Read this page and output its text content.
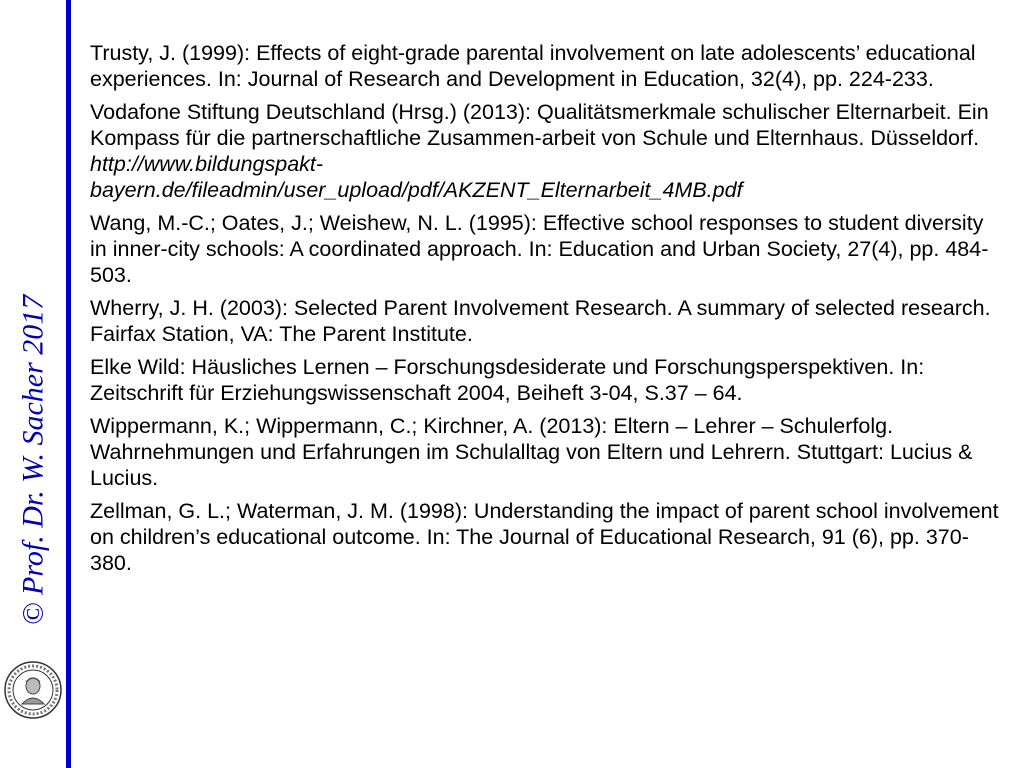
© Prof. Dr. W. Sacher 2017
Trusty, J. (1999): Effects of eight-grade parental involvement on late adolescents’ educational experiences. In: Journal of Research and Development in Education, 32(4), pp. 224-233.
Vodafone Stiftung Deutschland (Hrsg.) (2013): Qualitätsmerkmale schulischer Elternarbeit. Ein Kompass für die partnerschaftliche Zusammen-arbeit von Schule und Elternhaus. Düsseldorf.
http://www.bildungspakt-
bayern.de/fileadmin/user_upload/pdf/AKZENT_Elternarbeit_4MB.pdf
Wang, M.-C.; Oates, J.; Weishew, N. L. (1995): Effective school responses to student diversity in inner-city schools: A coordinated approach. In: Education and Urban Society, 27(4), pp. 484-503.
Wherry, J. H. (2003): Selected Parent Involvement Research. A summary of selected research. Fairfax Station, VA: The Parent Institute.
Elke Wild: Häusliches Lernen – Forschungsdesiderate und Forschungsperspektiven. In: Zeitschrift für Erziehungswissenschaft 2004, Beiheft 3-04, S.37 – 64.
Wippermann, K.; Wippermann, C.; Kirchner, A. (2013): Eltern – Lehrer – Schulerfolg. Wahrnehmungen und Erfahrungen im Schulalltag von Eltern und Lehrern. Stuttgart: Lucius & Lucius.
Zellman, G. L.; Waterman, J. M. (1998): Understanding the impact of parent school involvement on children’s educational outcome. In: The Journal of Educational Research, 91 (6), pp. 370-380.
